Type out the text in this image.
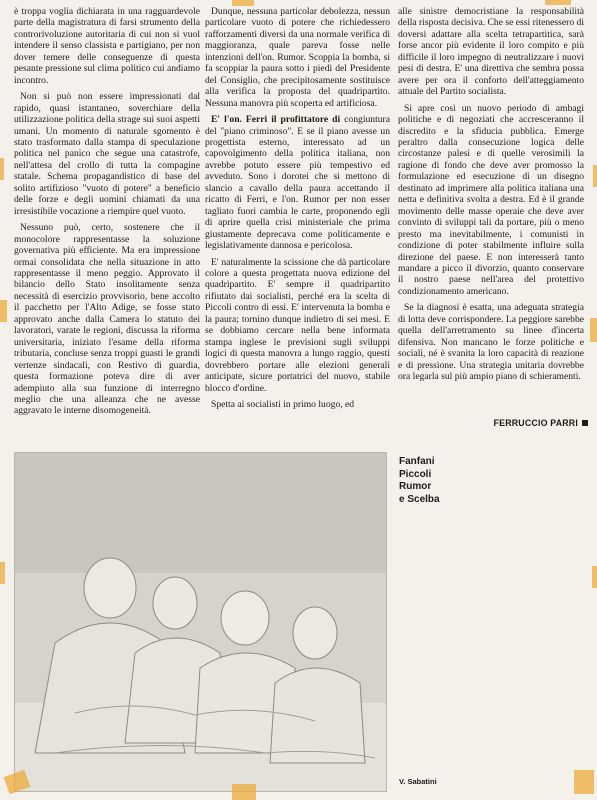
è troppa voglia dichiarata in una ragguardevole parte della magistratura di farsi strumento della controrivoluzione autoritaria di cui non si vuol intendere il senso classista e partigiano, per non dover temere delle conseguenze di questa pesante pressione sul clima politico cui andiamo incontro.

Non si può non essere impressionati dal rapido, quasi istantaneo, soverchiare della utilizzazione politica della strage sui suoi aspetti umani. Un momento di naturale sgomento è stato trasformato dalla stampa di speculazione politica nel panico che segue una catastrofe, nell'attesa del crollo di tutta la compagine statale. Schema propagandistico di base del solito artifizioso "vuoto di potere" a beneficio delle forze e degli uomini chiamati da una irresistibile vocazione a riempire quel vuoto.

Nessuno può, certo, sostenere che il monocolore rappresentasse la soluzione governativa più efficiente. Ma era impressione ormai consolidata che nella situazione in atto rappresentasse il meno peggio. Approvato il bilancio dello Stato insolitamente senza necessità di esercizio provvisorio, bene accolto il pacchetto per l'Alto Adige, se fosse stato approvato anche dalla Camera lo statuto dei lavoratori, varate le regioni, discussa la riforma universitaria, iniziato l'esame della riforma tributaria, concluse senza troppi guasti le grandi vertenze sindacali, con Restivo di guardia, questa formazione poteva dire di aver adempiuto alla sua funzione di interregno meglio che una alleanza che ne avesse aggravato le interne disomogeneità.

Dunque, nessuna particolar debolezza, nessun particolare vuoto di potere che richiedessero rafforzamenti diversi da una normale verifica di maggioranza, quale pareva fosse nelle intenzioni dell'on. Rumor. Scoppia la bomba, si fa scoppiar la paura sotto i piedi del Presidente del Consiglio, che precipitosamente sostituisce alla verifica la proposta del quadripartito. Nessuna manovra più scoperta ed artificiosa.

E' l'on. Ferri il profittatore di congiuntura del "piano criminoso". E se il piano avesse un progettista esterno, interessato ad un capovolgimento della politica italiana, non avrebbe potuto essere più tempestivo ed avveduto. Sono i dorotei che si mettono di slancio a cavallo della paura accettando il ricatto di Ferri, e l'on. Rumor per non esser tagliato fuori cambia le carte, proponendo egli di aprire quella crisi ministeriale che prima giustamente deprecava come politicamente e legislativamente dannosa e pericolosa.

E' naturalmente la scissione che dà particolare colore a questa progettata nuova edizione del quadripartito. E' sempre il quadripartito rifiutato dai socialisti, perché era la scelta di Piccoli contro di essi. E' intervenuta la bomba e la paura; tornino dunque indietro di sei mesi. E se dobbiamo cercare nella bene informata stampa inglese le previsioni sugli sviluppi logici di questa manovra a lungo raggio, questi dovrebbero portare alle elezioni generali anticipate, sicure portatrici del nuovo, stabile blocco d'ordine.

Spetta ai socialisti in primo luogo, ed

alle sinistre democristiane la responsabilità della risposta decisiva. Che se essi ritenessero di doversi adattare alla scelta tetrapartitica, sarà forse ancor più evidente il loro compito e più difficile il loro impegno di neutralizzare i nuovi pesi di destra. E' una direttiva che sembra possa avere per ora il conforto dell'atteggiamento attuale del Partito socialista.

Si apre così un nuovo periodo di ambagi politiche e di negoziati che accresceranno il discredito e la sfiducia pubblica. Emerge peraltro dalla consecuzione logica delle circostanze palesi e di quelle verosimili la ragione di fondo che deve aver promosso la formulazione ed esecuzione di un disegno destinato ad imprimere alla politica italiana una netta e definitiva svolta a destra. Ed è il grande movimento delle masse operaie che deve aver convinto di sviluppi tali da portare, più o meno presto ma inevitabilmente, i comunisti in condizione di poter stabilmente influire sulla direzione del paese. E non interesserà tanto mandare a picco il divorzio, quanto conservare il nostro paese nell'area del protettivo condizionamento americano.

Se la diagnosi è esatta, una adeguata strategia di lotta deve corrispondere. La peggiore sarebbe quella dell'arretramento su linee d'incerta difensiva. Non mancano le forze politiche e sociali, né è svanita la loro capacità di reazione e di pressione. Una strategia unitaria dovrebbe ora legarla sul più ampio piano di schieramenti.

FERRUCCIO PARRI
Fanfani
Piccoli
Rumor
e Scelba
V. Sabatini
